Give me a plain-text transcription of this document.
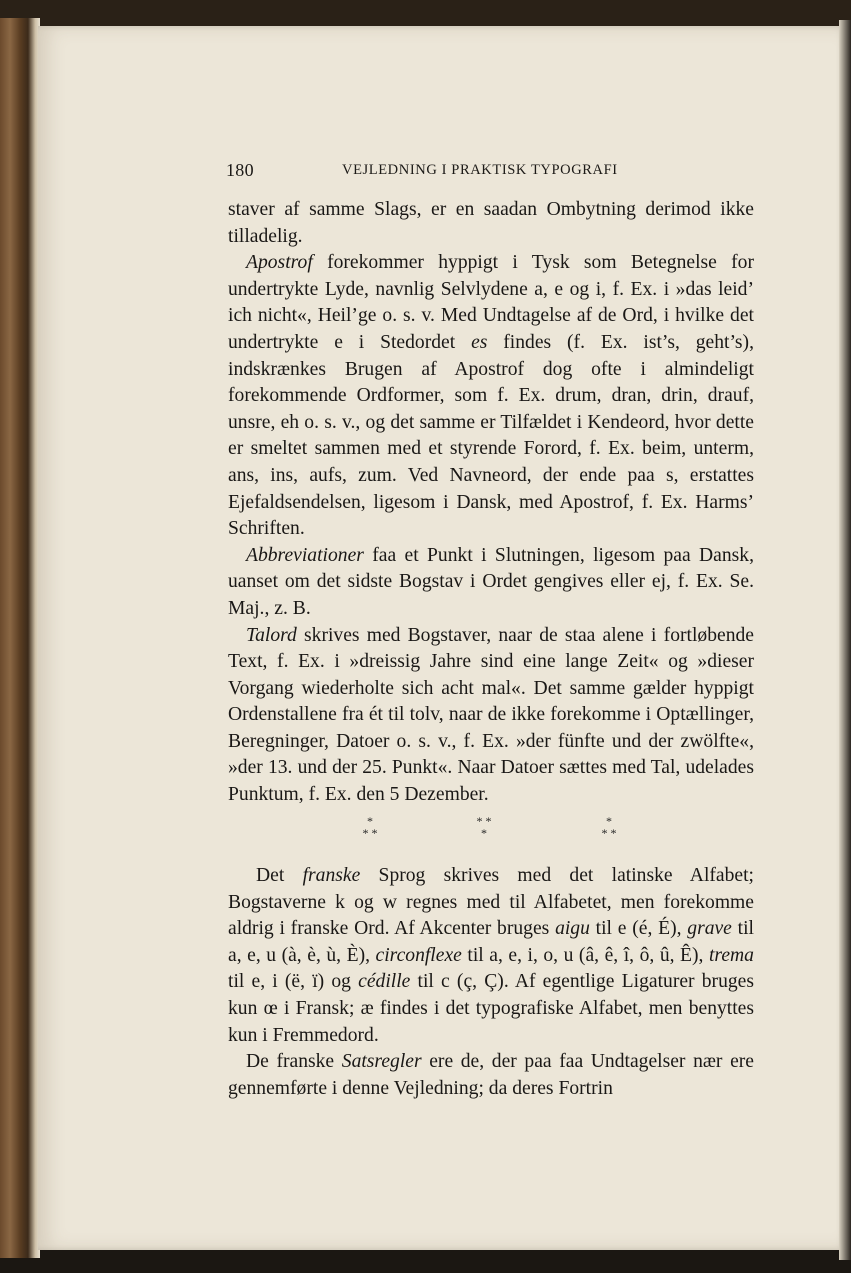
180	VEJLEDNING I PRAKTISK TYPOGRAFI

staver af samme Slags, er en saadan Ombytning derimod ikke tilladelig.

Apostrof forekommer hyppigt i Tysk som Betegnelse for undertrykte Lyde, navnlig Selvlydene a, e og i, f. Ex. i »das leid’ ich nicht«, Heil’ge o. s. v. Med Undtagelse af de Ord, i hvilke det undertrykte e i Stedordet es findes (f. Ex. ist’s, geht’s), indskrænkes Brugen af Apostrof dog ofte i almindeligt forekommende Ordformer, som f. Ex. drum, dran, drin, drauf, unsre, eh o. s. v., og det samme er Tilfældet i Kendeord, hvor dette er smeltet sammen med et styrende Forord, f. Ex. beim, unterm, ans, ins, aufs, zum. Ved Navneord, der ende paa s, erstattes Ejefaldsendelsen, ligesom i Dansk, med Apostrof, f. Ex. Harms’ Schriften.

Abbreviationer faa et Punkt i Slutningen, ligesom paa Dansk, uanset om det sidste Bogstav i Ordet gengives eller ej, f. Ex. Se. Maj., z. B.

Talord skrives med Bogstaver, naar de staa alene i fortløbende Text, f. Ex. i »dreissig Jahre sind eine lange Zeit« og »dieser Vorgang wiederholte sich acht mal«. Det samme gælder hyppigt Ordenstallene fra ét til tolv, naar de ikke forekomme i Optællinger, Beregninger, Datoer o. s. v., f. Ex. »der fünfte und der zwölfte«, »der 13. und der 25. Punkt«. Naar Datoer sættes med Tal, udelades Punktum, f. Ex. den 5 Dezember.

*
* *
* *
*
*
* *

Det franske Sprog skrives med det latinske Alfabet; Bogstaverne k og w regnes med til Alfabetet, men forekomme aldrig i franske Ord. Af Akcenter bruges aigu til e (é, É), grave til a, e, u (à, è, ù, È), circonflexe til a, e, i, o, u (â, ê, î, ô, û, Ê), trema til e, i (ë, ï) og cédille til c (ç, Ç). Af egentlige Ligaturer bruges kun œ i Fransk; æ findes i det typografiske Alfabet, men benyttes kun i Fremmedord.

De franske Satsregler ere de, der paa faa Undtagelser nær ere gennemførte i denne Vejledning; da deres Fortrin
